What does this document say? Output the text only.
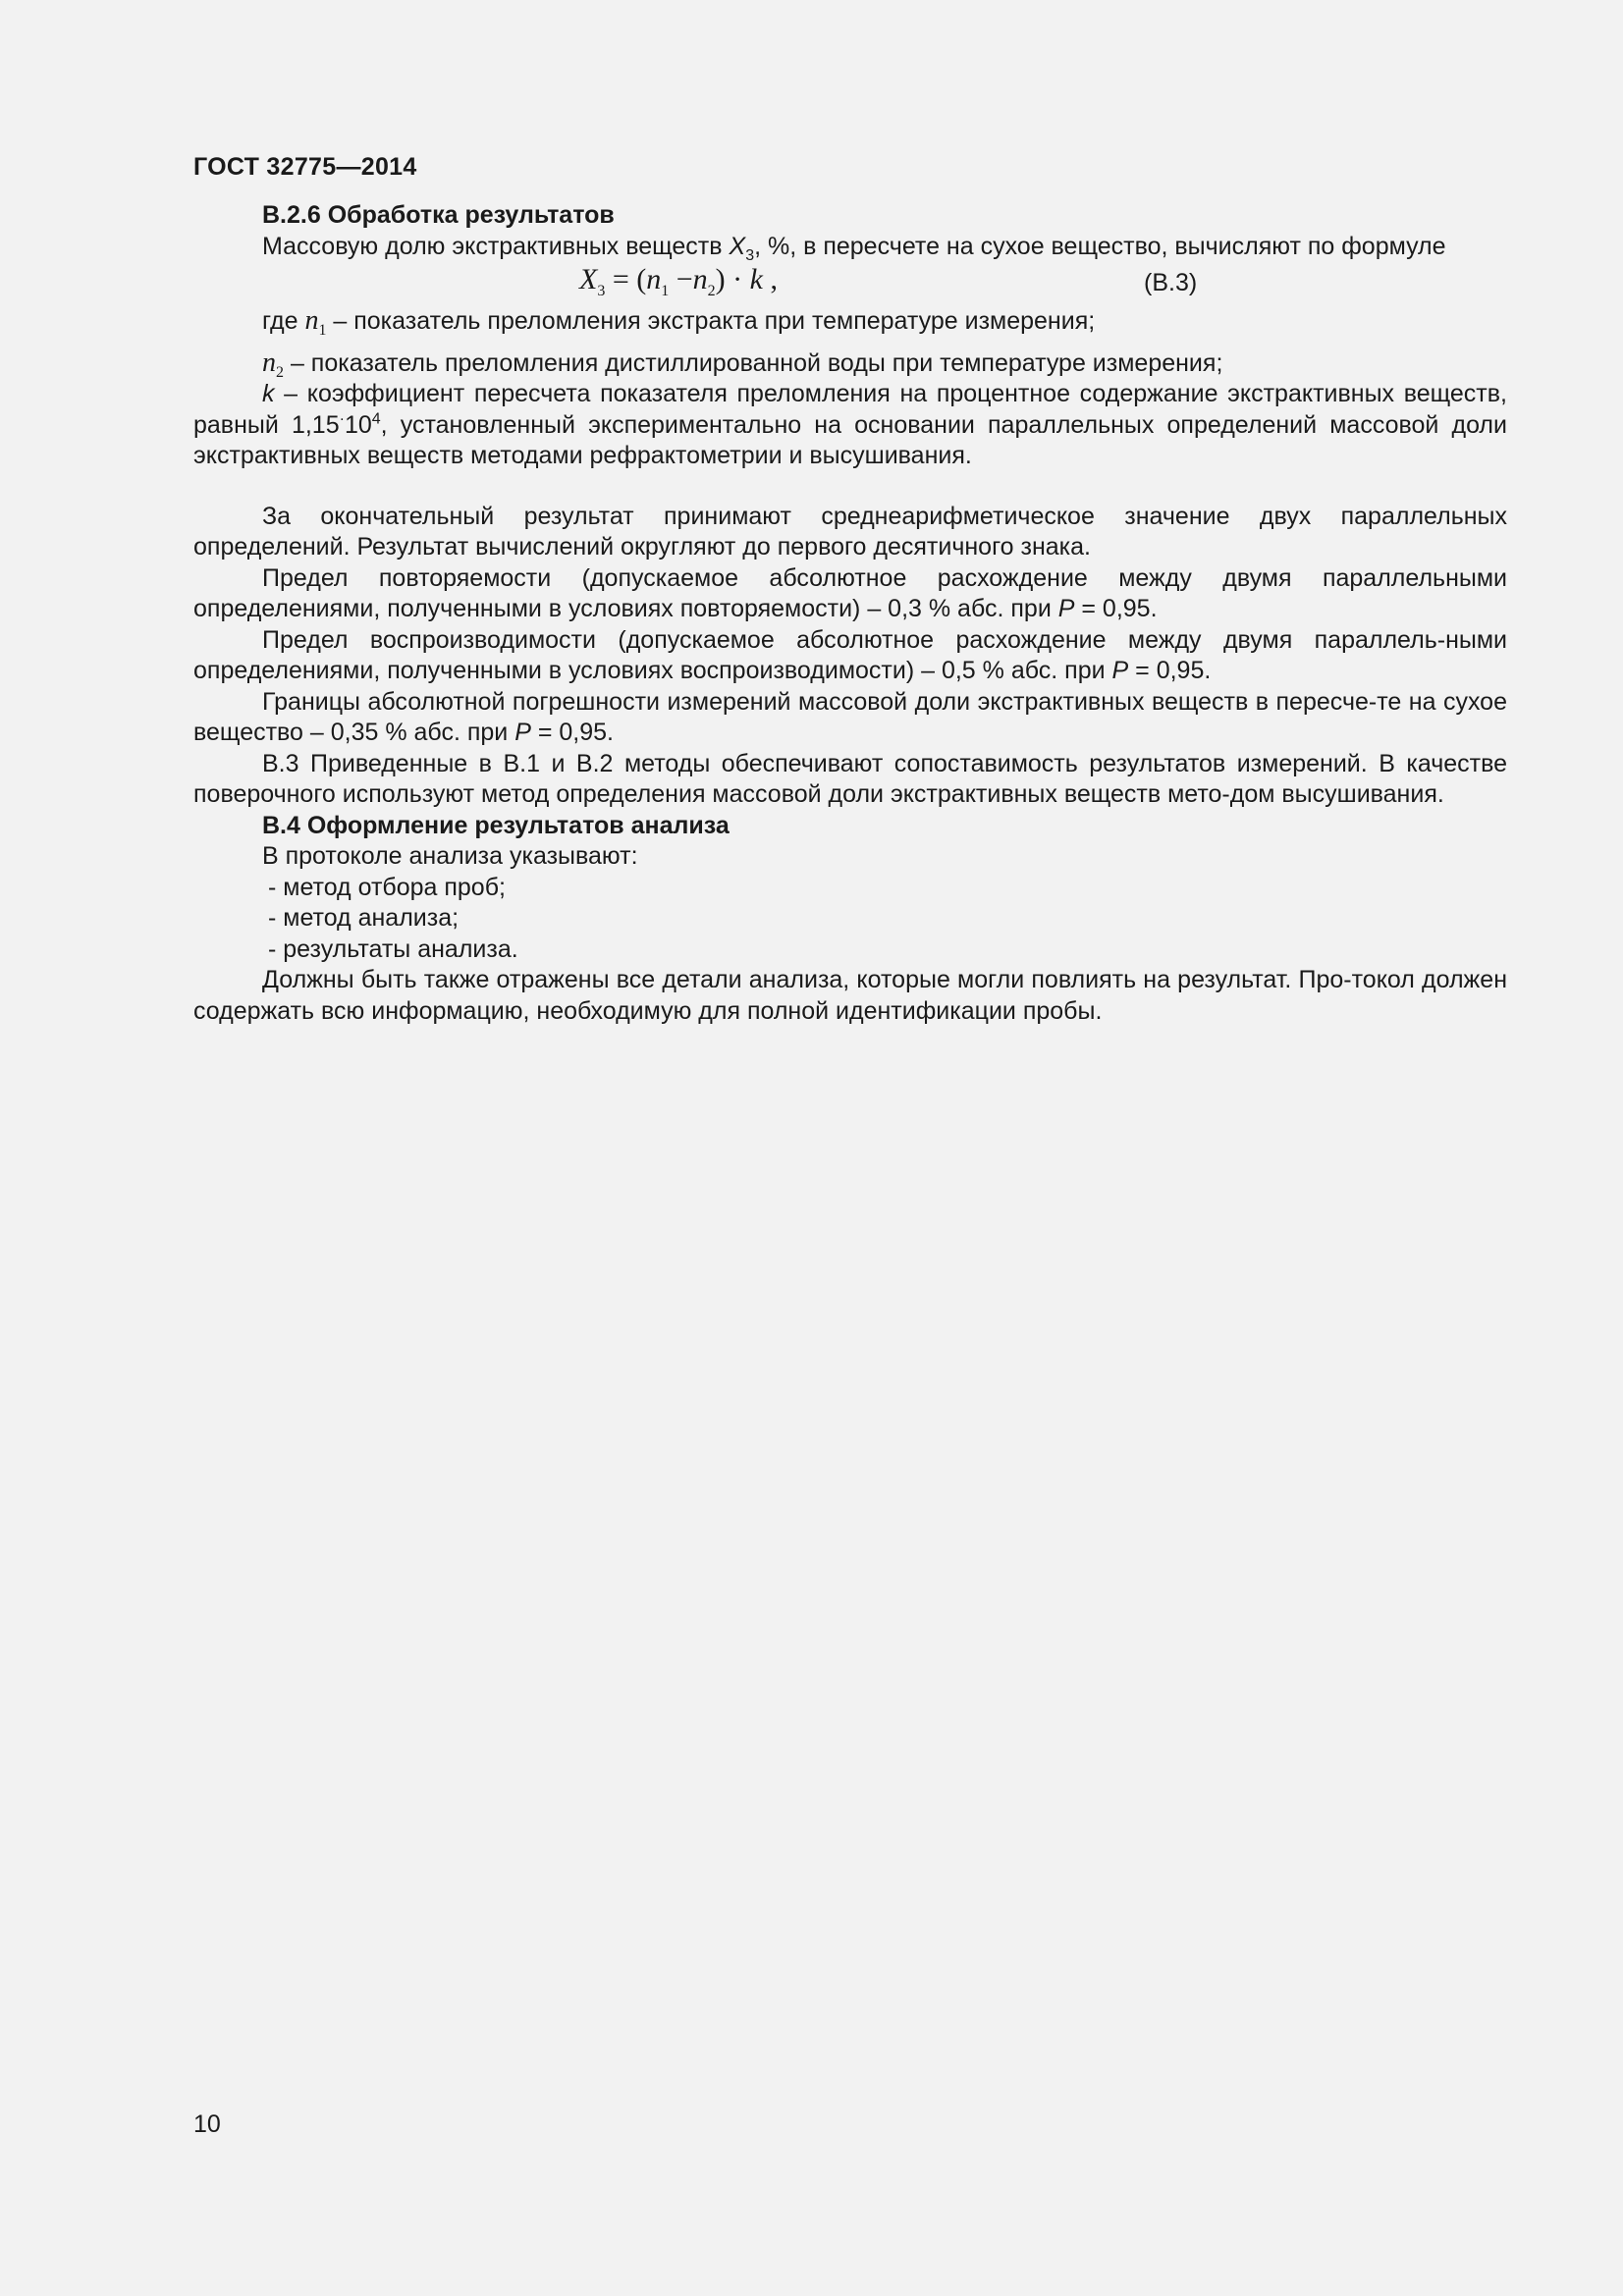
ГОСТ 32775—2014

В.2.6 Обработка результатов

Массовую долю экстрактивных веществ $X_3$, %, в пересчете на сухое вещество, вычисляют по формуле

$X_3 = (n_1 -n_2) \cdot k$ ,	(В.3)

где $n_1$ – показатель преломления экстракта при температуре измерения;

$n_2$ – показатель преломления дистиллированной воды при температуре измерения;

k – коэффициент пересчета показателя преломления на процентное содержание экстрактивных веществ, равный $1,15^\cdot 10^4$, установленный экспериментально на основании параллельных определений массовой доли экстрактивных веществ методами рефрактометрии и высушивания.

За окончательный результат принимают среднеарифметическое значение двух параллельных определений. Результат вычислений округляют до первого десятичного знака.

Предел повторяемости (допускаемое абсолютное расхождение между двумя параллельными определениями, полученными в условиях повторяемости) – 0,3 % абс. при P = 0,95.

Предел воспроизводимости (допускаемое абсолютное расхождение между двумя параллель-ными определениями, полученными в условиях воспроизводимости) – 0,5 % абс. при P = 0,95.

Границы абсолютной погрешности измерений массовой доли экстрактивных веществ в пересче-те на сухое вещество – 0,35 % абс. при P = 0,95.

В.3 Приведенные в В.1 и В.2 методы обеспечивают сопоставимость результатов измерений. В качестве поверочного используют метод определения массовой доли экстрактивных веществ мето-дом высушивания.

В.4 Оформление результатов анализа

В протоколе анализа указывают:

- метод отбора проб;

- метод анализа;

- результаты анализа.

Должны быть также отражены все детали анализа, которые могли повлиять на результат. Про-токол должен содержать всю информацию, необходимую для полной идентификации пробы.

10
